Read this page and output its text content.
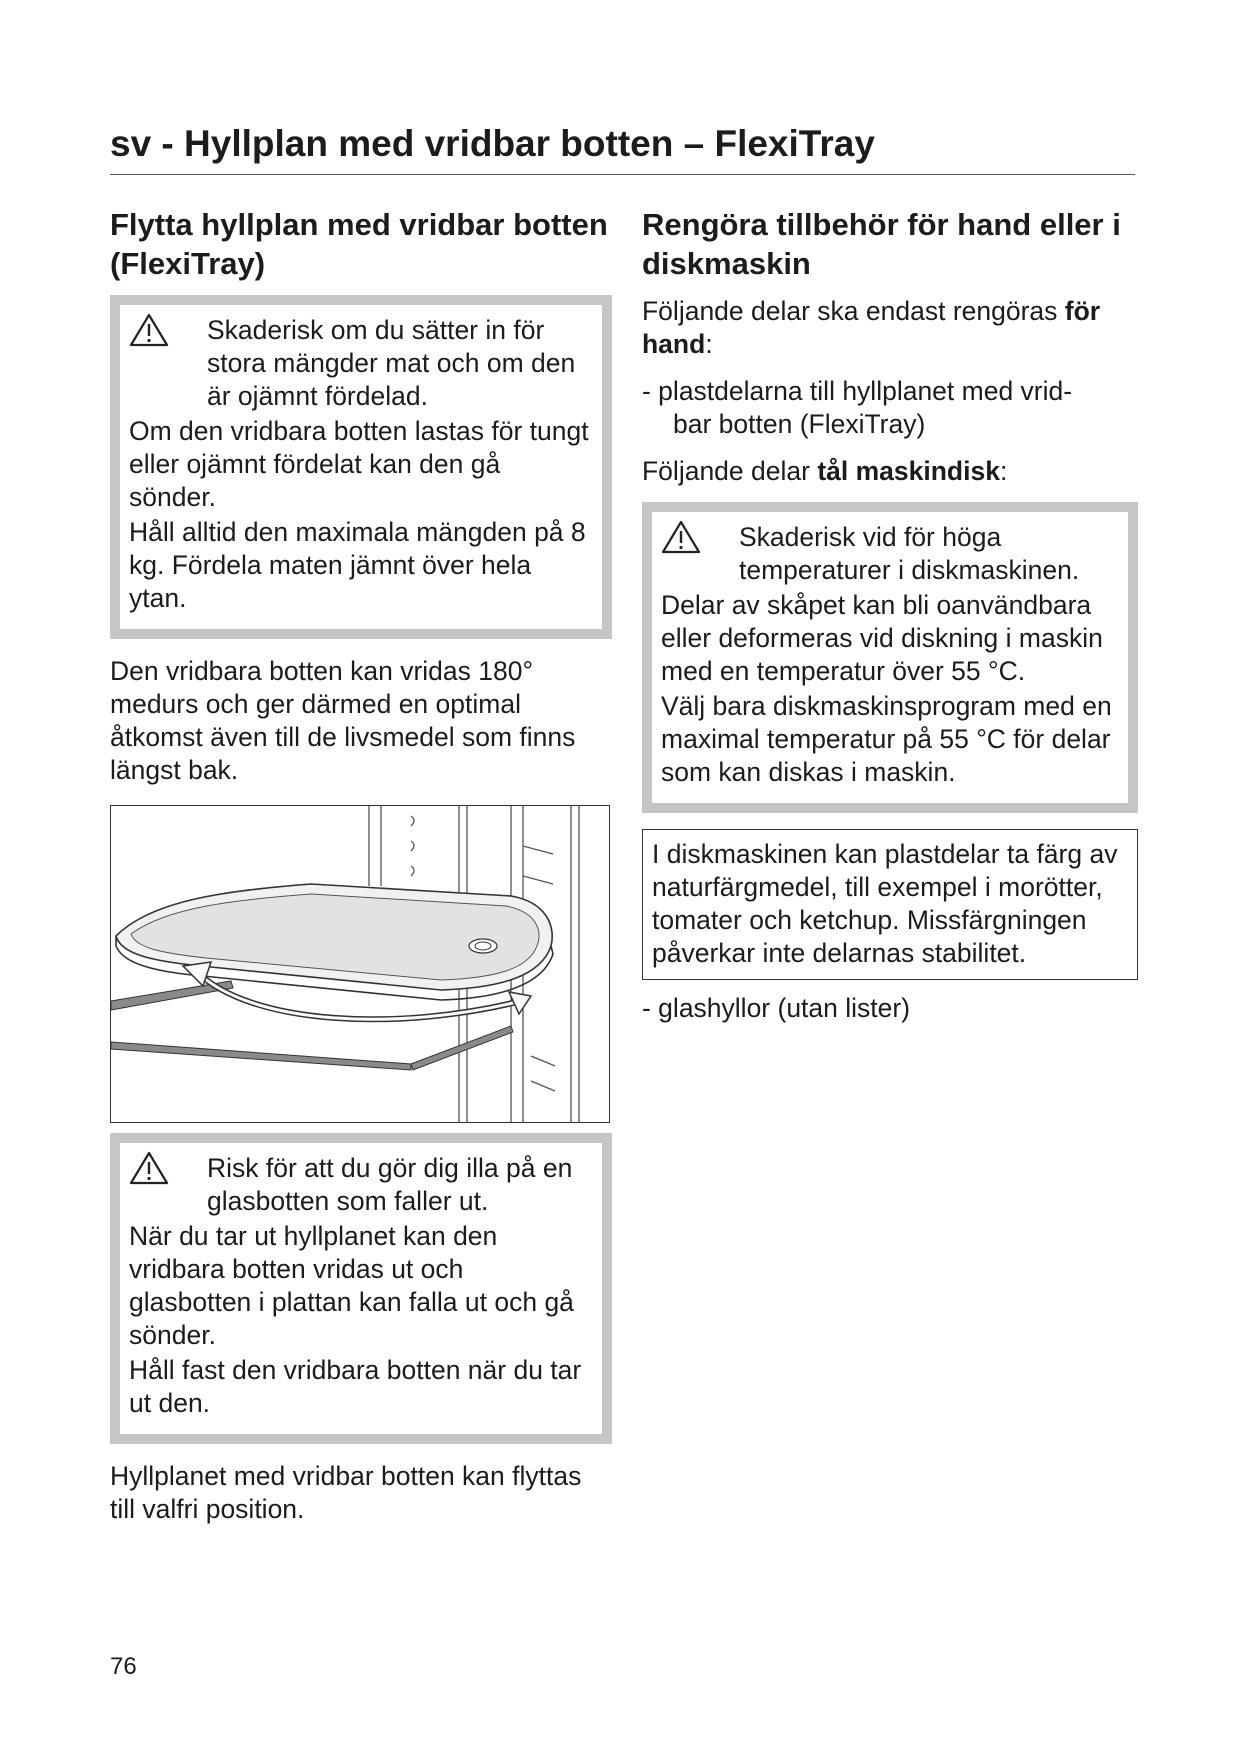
sv - Hyllplan med vridbar botten – FlexiTray
Flytta hyllplan med vridbar botten (FlexiTray)

Skaderisk om du sätter in för stora mängder mat och om den är ojämnt fördelad.

Om den vridbara botten lastas för tungt eller ojämnt fördelat kan den gå sönder.

Håll alltid den maximala mängden på 8 kg. Fördela maten jämnt över hela ytan.

Den vridbara botten kan vridas 180° medurs och ger därmed en optimal åtkomst även till de livsmedel som finns längst bak.

Risk för att du gör dig illa på en glasbotten som faller ut.

När du tar ut hyllplanet kan den vridbara botten vridas ut och glasbotten i plattan kan falla ut och gå sönder.

Håll fast den vridbara botten när du tar ut den.

Hyllplanet med vridbar botten kan flyttas till valfri position.

Rengöra tillbehör för hand eller i diskmaskin

Följande delar ska endast rengöras för hand:

- plastdelarna till hyllplanet med vrid-
bar botten (FlexiTray)

Följande delar tål maskindisk:

Skaderisk vid för höga temperaturer i diskmaskinen.

Delar av skåpet kan bli oanvändbara eller deformeras vid diskning i maskin med en temperatur över 55 °C.

Välj bara diskmaskinsprogram med en maximal temperatur på 55 °C för delar som kan diskas i maskin.

I diskmaskinen kan plastdelar ta färg av naturfärgmedel, till exempel i morötter, tomater och ketchup. Missfärgningen påverkar inte delarnas stabilitet.

- glashyllor (utan lister)

76
